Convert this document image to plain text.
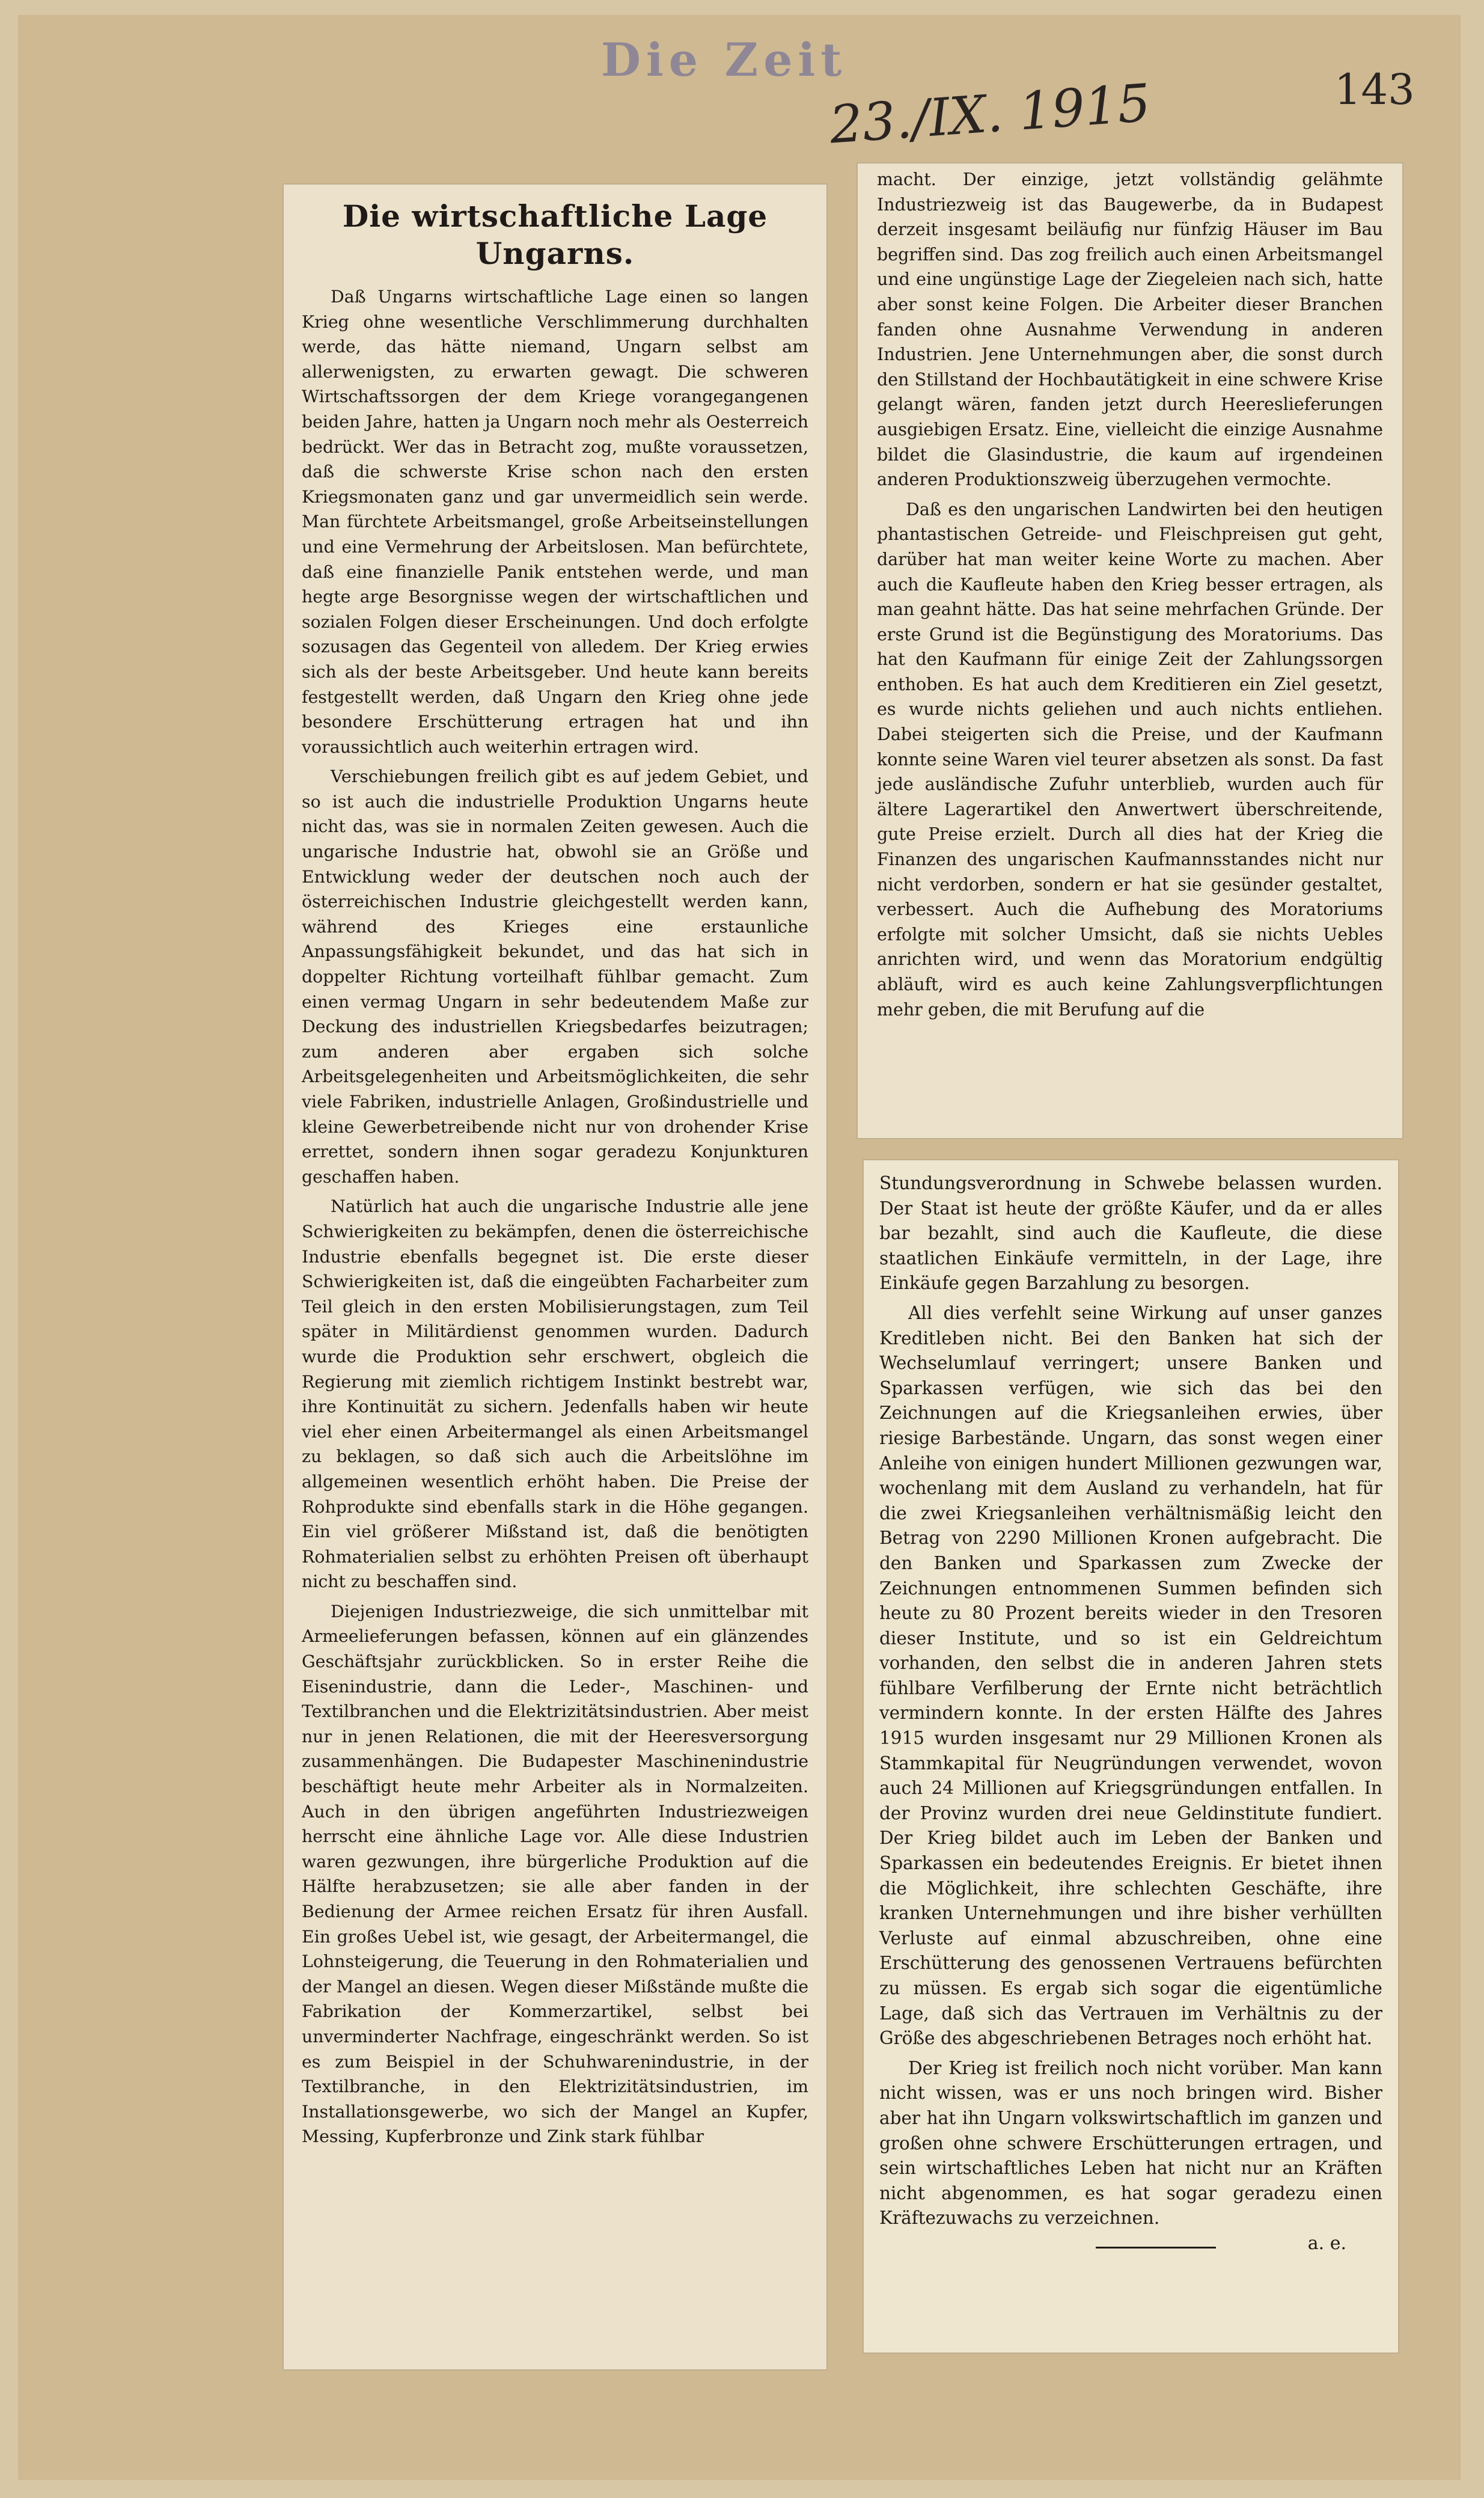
Die Zeit
23./IX. 1915	143
Die wirtschaftliche Lage Ungarns.

Daß Ungarns wirtschaftliche Lage einen so langen Krieg ohne wesentliche Verschlimmerung durchhalten werde, das hätte niemand, Ungarn selbst am allerwenigsten, zu erwarten gewagt. Die schweren Wirtschaftssorgen der dem Kriege vorangegangenen beiden Jahre, hatten ja Ungarn noch mehr als Oesterreich bedrückt. Wer das in Betracht zog, mußte voraussetzen, daß die schwerste Krise schon nach den ersten Kriegsmonaten ganz und gar unvermeidlich sein werde. Man fürchtete Arbeitsmangel, große Arbeitseinstellungen und eine Vermehrung der Arbeitslosen. Man befürchtete, daß eine finanzielle Panik entstehen werde, und man hegte arge Besorgnisse wegen der wirtschaftlichen und sozialen Folgen dieser Erscheinungen. Und doch erfolgte sozusagen das Gegenteil von alledem. Der Krieg erwies sich als der beste Arbeitsgeber. Und heute kann bereits festgestellt werden, daß Ungarn den Krieg ohne jede besondere Erschütterung ertragen hat und ihn voraussichtlich auch weiterhin ertragen wird.

Verschiebungen freilich gibt es auf jedem Gebiet, und so ist auch die industrielle Produktion Ungarns heute nicht das, was sie in normalen Zeiten gewesen. Auch die ungarische Industrie hat, obwohl sie an Größe und Entwicklung weder der deutschen noch auch der österreichischen Industrie gleichgestellt werden kann, während des Krieges eine erstaunliche Anpassungsfähigkeit bekundet, und das hat sich in doppelter Richtung vorteilhaft fühlbar gemacht. Zum einen vermag Ungarn in sehr bedeutendem Maße zur Deckung des industriellen Kriegsbedarfes beizutragen; zum anderen aber ergaben sich solche Arbeitsgelegenheiten und Arbeitsmöglichkeiten, die sehr viele Fabriken, industrielle Anlagen, Großindustrielle und kleine Gewerbetreibende nicht nur von drohender Krise errettet, sondern ihnen sogar geradezu Konjunkturen geschaffen haben.

Natürlich hat auch die ungarische Industrie alle jene Schwierigkeiten zu bekämpfen, denen die österreichische Industrie ebenfalls begegnet ist. Die erste dieser Schwierigkeiten ist, daß die eingeübten Facharbeiter zum Teil gleich in den ersten Mobilisierungstagen, zum Teil später in Militärdienst genommen wurden. Dadurch wurde die Produktion sehr erschwert, obgleich die Regierung mit ziemlich richtigem Instinkt bestrebt war, ihre Kontinuität zu sichern. Jedenfalls haben wir heute viel eher einen Arbeitermangel als einen Arbeitsmangel zu beklagen, so daß sich auch die Arbeitslöhne im allgemeinen wesentlich erhöht haben. Die Preise der Rohprodukte sind ebenfalls stark in die Höhe gegangen. Ein viel größerer Mißstand ist, daß die benötigten Rohmaterialien selbst zu erhöhten Preisen oft überhaupt nicht zu beschaffen sind.

Diejenigen Industriezweige, die sich unmittelbar mit Armeelieferungen befassen, können auf ein glänzendes Geschäftsjahr zurückblicken. So in erster Reihe die Eisenindustrie, dann die Leder-, Maschinen- und Textilbranchen und die Elektrizitätsindustrien. Aber meist nur in jenen Relationen, die mit der Heeresversorgung zusammenhängen. Die Budapester Maschinenindustrie beschäftigt heute mehr Arbeiter als in Normalzeiten. Auch in den übrigen angeführten Industriezweigen herrscht eine ähnliche Lage vor. Alle diese Industrien waren gezwungen, ihre bürgerliche Produktion auf die Hälfte herabzusetzen; sie alle aber fanden in der Bedienung der Armee reichen Ersatz für ihren Ausfall. Ein großes Uebel ist, wie gesagt, der Arbeitermangel, die Lohnsteigerung, die Teuerung in den Rohmaterialien und der Mangel an diesen. Wegen dieser Mißstände mußte die Fabrikation der Kommerzartikel, selbst bei unverminderter Nachfrage, eingeschränkt werden. So ist es zum Beispiel in der Schuhwarenindustrie, in der Textilbranche, in den Elektrizitätsindustrien, im Installationsgewerbe, wo sich der Mangel an Kupfer, Messing, Kupferbronze und Zink stark fühlbar

macht. Der einzige, jetzt vollständig gelähmte Industriezweig ist das Baugewerbe, da in Budapest derzeit insgesamt beiläufig nur fünfzig Häuser im Bau begriffen sind. Das zog freilich auch einen Arbeitsmangel und eine ungünstige Lage der Ziegeleien nach sich, hatte aber sonst keine Folgen. Die Arbeiter dieser Branchen fanden ohne Ausnahme Verwendung in anderen Industrien. Jene Unternehmungen aber, die sonst durch den Stillstand der Hochbautätigkeit in eine schwere Krise gelangt wären, fanden jetzt durch Heereslieferungen ausgiebigen Ersatz. Eine, vielleicht die einzige Ausnahme bildet die Glasindustrie, die kaum auf irgendeinen anderen Produktionszweig überzugehen vermochte.

Daß es den ungarischen Landwirten bei den heutigen phantastischen Getreide- und Fleischpreisen gut geht, darüber hat man weiter keine Worte zu machen. Aber auch die Kaufleute haben den Krieg besser ertragen, als man geahnt hätte. Das hat seine mehrfachen Gründe. Der erste Grund ist die Begünstigung des Moratoriums. Das hat den Kaufmann für einige Zeit der Zahlungssorgen enthoben. Es hat auch dem Kreditieren ein Ziel gesetzt, es wurde nichts geliehen und auch nichts entliehen. Dabei steigerten sich die Preise, und der Kaufmann konnte seine Waren viel teurer absetzen als sonst. Da fast jede ausländische Zufuhr unterblieb, wurden auch für ältere Lagerartikel den Anwertwert überschreitende, gute Preise erzielt. Durch all dies hat der Krieg die Finanzen des ungarischen Kaufmannsstandes nicht nur nicht verdorben, sondern er hat sie gesünder gestaltet, verbessert. Auch die Aufhebung des Moratoriums erfolgte mit solcher Umsicht, daß sie nichts Uebles anrichten wird, und wenn das Moratorium endgültig abläuft, wird es auch keine Zahlungsverpflichtungen mehr geben, die mit Berufung auf die

Stundungsverordnung in Schwebe belassen wurden. Der Staat ist heute der größte Käufer, und da er alles bar bezahlt, sind auch die Kaufleute, die diese staatlichen Einkäufe vermitteln, in der Lage, ihre Einkäufe gegen Barzahlung zu besorgen.

All dies verfehlt seine Wirkung auf unser ganzes Kreditleben nicht. Bei den Banken hat sich der Wechselumlauf verringert; unsere Banken und Sparkassen verfügen, wie sich das bei den Zeichnungen auf die Kriegsanleihen erwies, über riesige Barbestände. Ungarn, das sonst wegen einer Anleihe von einigen hundert Millionen gezwungen war, wochenlang mit dem Ausland zu verhandeln, hat für die zwei Kriegsanleihen verhältnismäßig leicht den Betrag von 2290 Millionen Kronen aufgebracht. Die den Banken und Sparkassen zum Zwecke der Zeichnungen entnommenen Summen befinden sich heute zu 80 Prozent bereits wieder in den Tresoren dieser Institute, und so ist ein Geldreichtum vorhanden, den selbst die in anderen Jahren stets fühlbare Verfilberung der Ernte nicht beträchtlich vermindern konnte. In der ersten Hälfte des Jahres 1915 wurden insgesamt nur 29 Millionen Kronen als Stammkapital für Neugründungen verwendet, wovon auch 24 Millionen auf Kriegsgründungen entfallen. In der Provinz wurden drei neue Geldinstitute fundiert. Der Krieg bildet auch im Leben der Banken und Sparkassen ein bedeutendes Ereignis. Er bietet ihnen die Möglichkeit, ihre schlechten Geschäfte, ihre kranken Unternehmungen und ihre bisher verhüllten Verluste auf einmal abzuschreiben, ohne eine Erschütterung des genossenen Vertrauens befürchten zu müssen. Es ergab sich sogar die eigentümliche Lage, daß sich das Vertrauen im Verhältnis zu der Größe des abgeschriebenen Betrages noch erhöht hat.

Der Krieg ist freilich noch nicht vorüber. Man kann nicht wissen, was er uns noch bringen wird. Bisher aber hat ihn Ungarn volkswirtschaftlich im ganzen und großen ohne schwere Erschütterungen ertragen, und sein wirtschaftliches Leben hat nicht nur an Kräften nicht abgenommen, es hat sogar geradezu einen Kräftezuwachs zu verzeichnen.

a. e.
